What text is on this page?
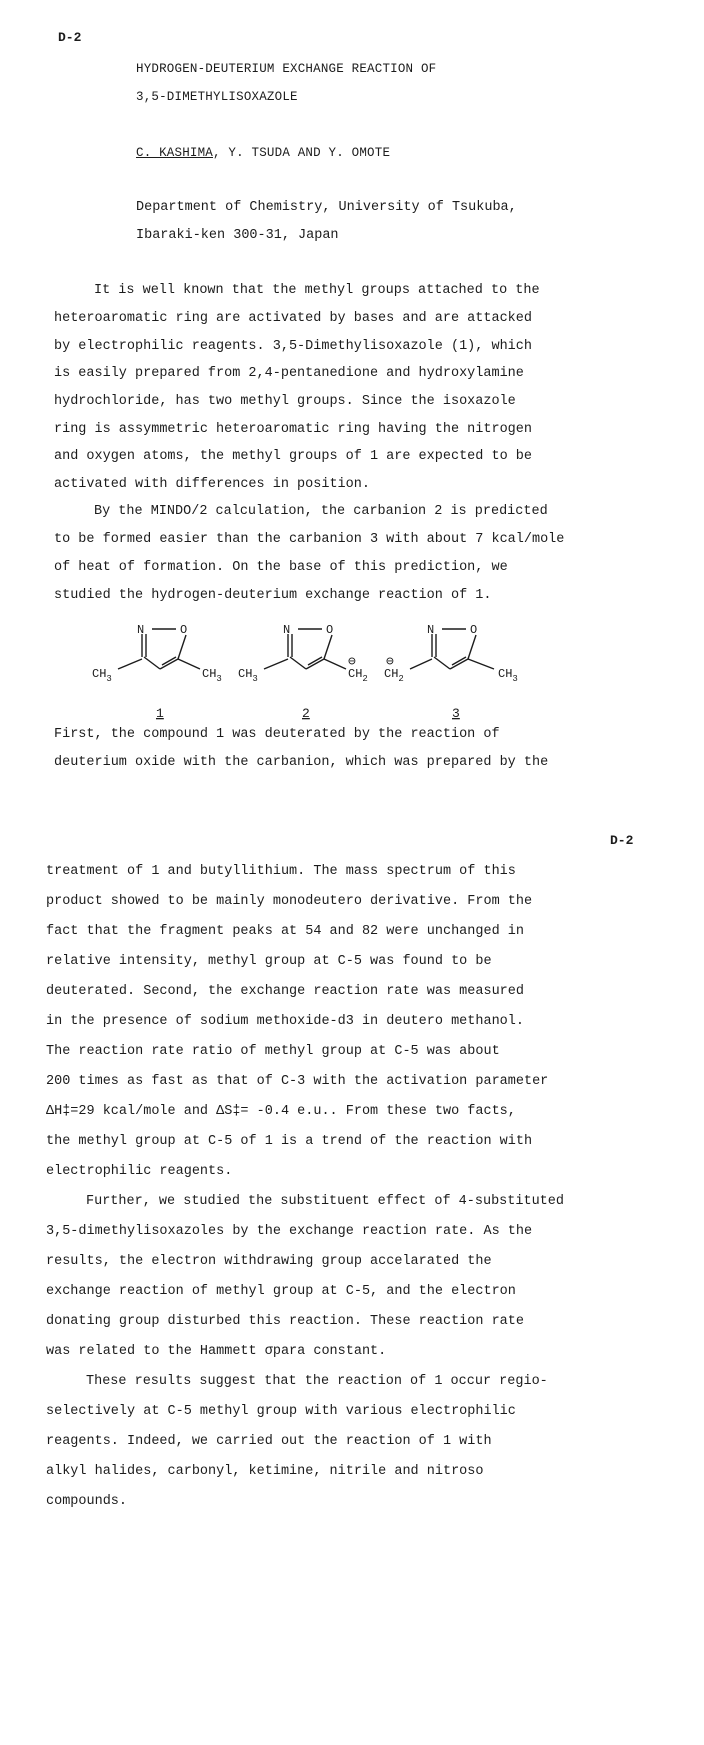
D-2
HYDROGEN-DEUTERIUM EXCHANGE REACTION OF
3,5-DIMETHYLISOXAZOLE
C. KASHIMA, Y. TSUDA AND Y. OMOTE
Department of Chemistry, University of Tsukuba,
Ibaraki-ken 300-31, Japan
It is well known that the methyl groups attached to the
heteroaromatic ring are activated by bases and are attacked
by electrophilic reagents. 3,5-Dimethylisoxazole (1), which
is easily prepared from 2,4-pentanedione and hydroxylamine
hydrochloride, has two methyl groups. Since the isoxazole
ring is assymmetric heteroaromatic ring having the nitrogen
and oxygen atoms, the methyl groups of 1 are expected to be
activated with differences in position.
By the MINDO/2 calculation, the carbanion 2 is predicted
to be formed easier than the carbanion 3 with about 7 kcal/mole
of heat of formation. On the base of this prediction, we
studied the hydrogen-deuterium exchange reaction of 1.
N	O
$CH_3$	$CH_3$
N	O
$CH_3$
⊖
$CH_2$
N	O
⊖
$CH_2$	$CH_3$
1	2	3
First, the compound 1 was deuterated by the reaction of
deuterium oxide with the carbanion, which was prepared by the
D-2
treatment of 1 and butyllithium. The mass spectrum of this
product showed to be mainly monodeutero derivative. From the
fact that the fragment peaks at 54 and 82 were unchanged in
relative intensity, methyl group at C-5 was found to be
deuterated. Second, the exchange reaction rate was measured
in the presence of sodium methoxide-d3 in deutero methanol.
The reaction rate ratio of methyl group at C-5 was about
200 times as fast as that of C-3 with the activation parameter
ΔH‡=29 kcal/mole and ΔS‡= -0.4 e.u.. From these two facts,
the methyl group at C-5 of 1 is a trend of the reaction with
electrophilic reagents.
Further, we studied the substituent effect of 4-substituted
3,5-dimethylisoxazoles by the exchange reaction rate. As the
results, the electron withdrawing group accelarated the
exchange reaction of methyl group at C-5, and the electron
donating group disturbed this reaction. These reaction rate
was related to the Hammett σpara constant.
These results suggest that the reaction of 1 occur regio-
selectively at C-5 methyl group with various electrophilic
reagents. Indeed, we carried out the reaction of 1 with
alkyl halides, carbonyl, ketimine, nitrile and nitroso
compounds.
